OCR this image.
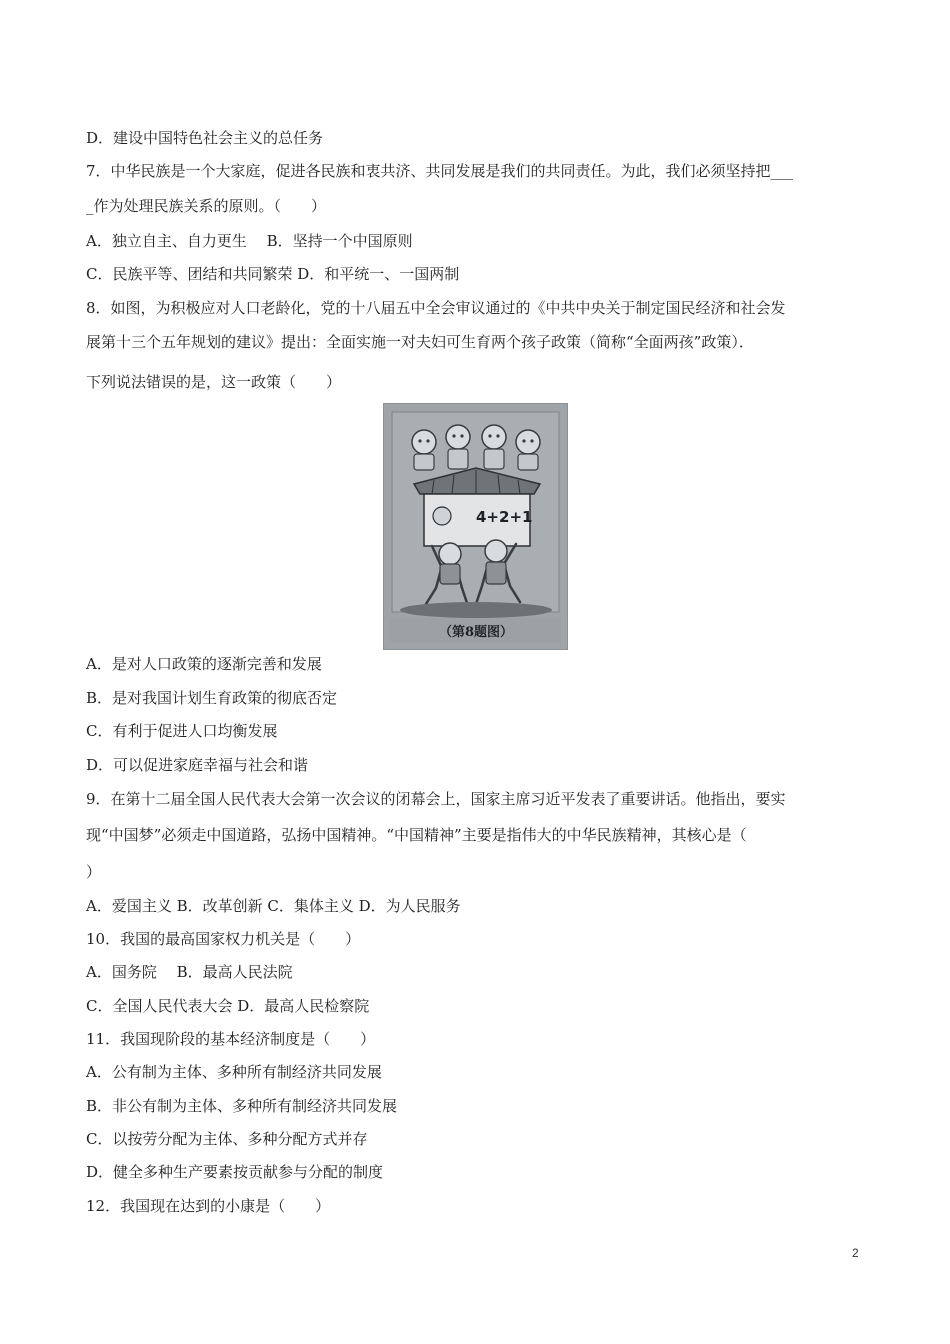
D．建设中国特色社会主义的总任务
7．中华民族是一个大家庭，促进各民族和衷共济、共同发展是我们的共同责任。为此，我们必须坚持把___
_作为处理民族关系的原则。（　　）
A．独立自主、自力更生　 B．坚持一个中国原则
C．民族平等、团结和共同繁荣 D．和平统一、一国两制
8．如图，为积极应对人口老龄化，党的十八届五中全会审议通过的《中共中央关于制定国民经济和社会发
展第十三个五年规划的建议》提出：全面实施一对夫妇可生育两个孩子政策（简称“全面两孩”政策）．
下列说法错误的是，这一政策（　　）
4+2+1
（第8题图）
A．是对人口政策的逐渐完善和发展
B．是对我国计划生育政策的彻底否定
C．有利于促进人口均衡发展
D．可以促进家庭幸福与社会和谐
9．在第十二届全国人民代表大会第一次会议的闭幕会上，国家主席习近平发表了重要讲话。他指出，要实
现“中国梦”必须走中国道路，弘扬中国精神。“中国精神”主要是指伟大的中华民族精神，其核心是（
）
A．爱国主义 B．改革创新 C．集体主义 D．为人民服务
10．我国的最高国家权力机关是（　　）
A．国务院　 B．最高人民法院
C．全国人民代表大会 D．最高人民检察院
11．我国现阶段的基本经济制度是（　　）
A．公有制为主体、多种所有制经济共同发展
B．非公有制为主体、多种所有制经济共同发展
C．以按劳分配为主体、多种分配方式并存
D．健全多种生产要素按贡献参与分配的制度
12．我国现在达到的小康是（　　）
2
